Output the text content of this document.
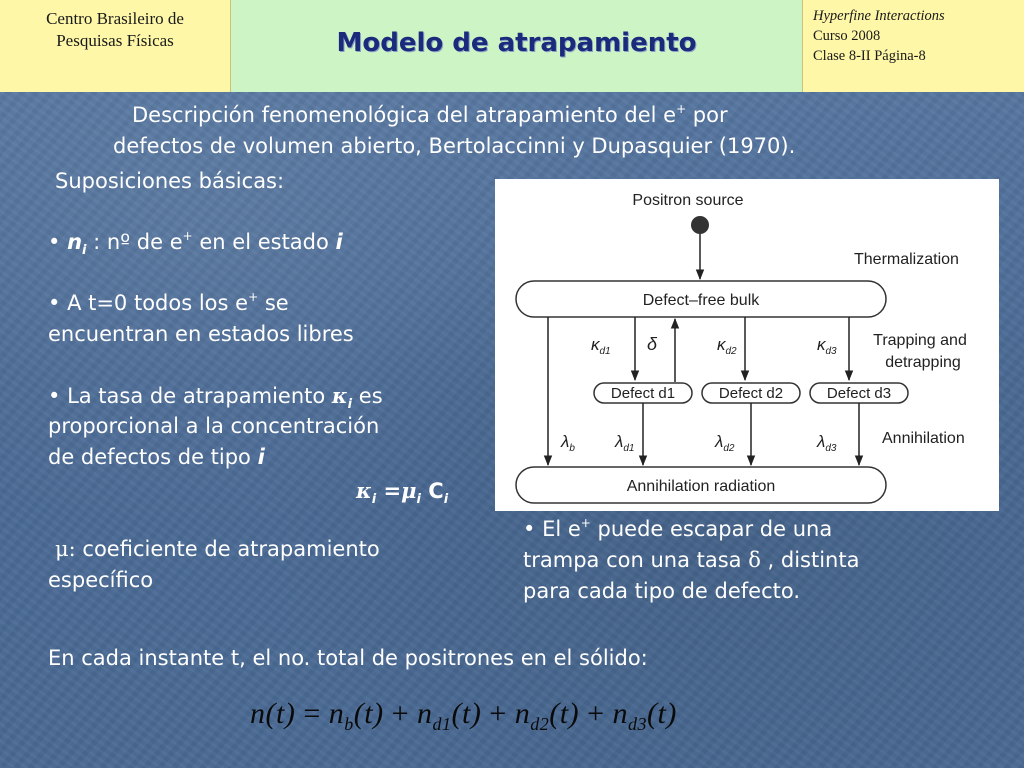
Centro Brasileiro de
Pesquisas Físicas	Modelo de atrapamiento
Hyperfine Interactions
Curso 2008
Clase 8-II Página-8
Descripción fenomenológica del atrapamiento del e+ por
defectos de volumen abierto, Bertolaccinni y Dupasquier (1970).
Suposiciones básicas:
• $n_i$ : nº de e+ en el estado i
• A t=0 todos los e+ se
encuentran en estados libres
• La tasa de atrapamiento $\kappa_i$ es
proporcional a la concentración
de defectos de tipo i
$\kappa_i =\mu_i$ $C_i$
μ: coeficiente de atrapamiento
específico
Positron source
Thermalization
Defect–free bulk
Trapping and
detrapping
$\kappa_{d1}$ δ	$\kappa_{d2}$	$\kappa_{d3}$
Defect d1	Defect d2	Defect d3
$\lambda_b$ $\lambda_{d1}$	$\lambda_{d2}$	$\lambda_{d3}$
Annihilation
Annihilation radiation
• El e+ puede escapar de una
trampa con una tasa δ , distinta
para cada tipo de defecto.
En cada instante t, el no. total de positrones en el sólido:
$n(t) = n_b(t) + n_{d1}(t) + n_{d2}(t) + n_{d3}(t)$
